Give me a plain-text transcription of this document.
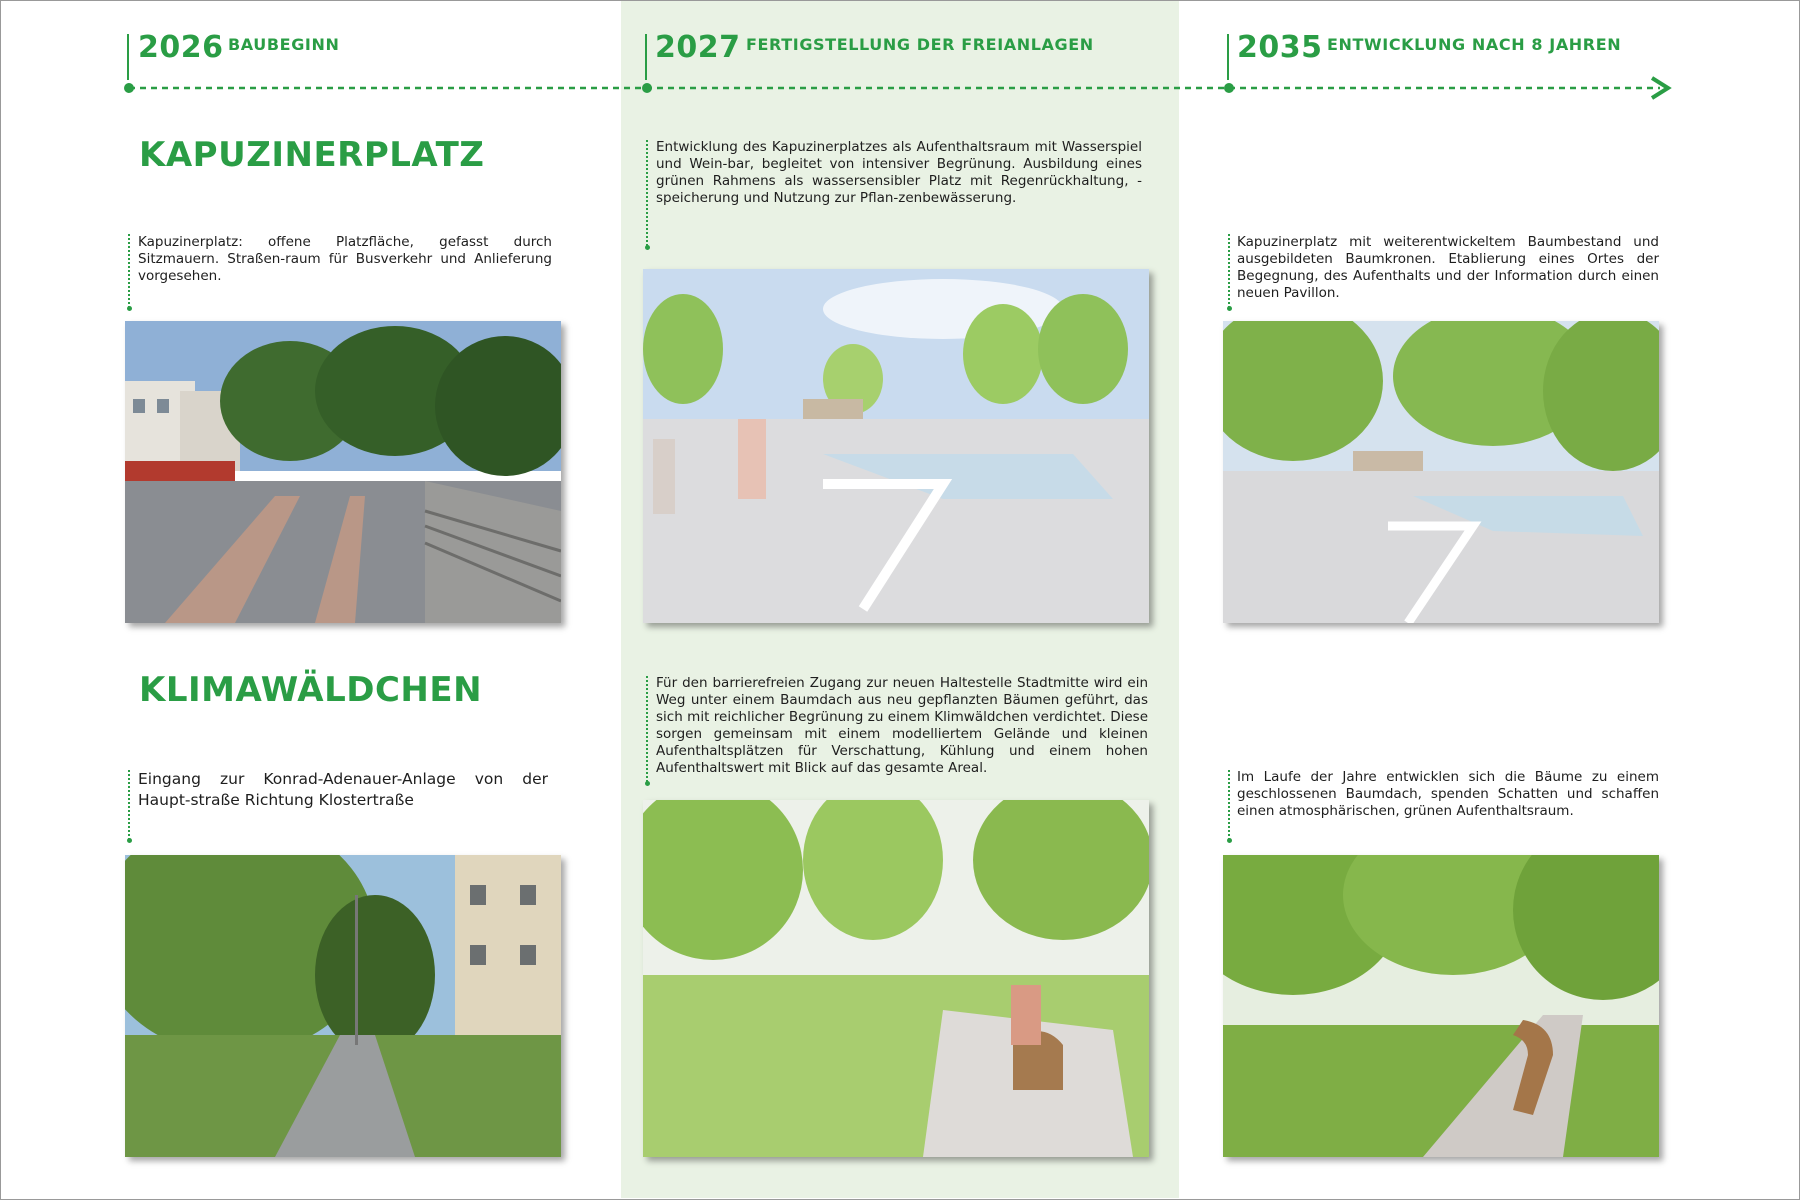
2026 BAUBEGINN	2027 FERTIGSTELLUNG DER FREIANLAGEN	2035 ENTWICKLUNG NACH 8 JAHREN
KAPUZINERPLATZ
KLIMAWÄLDCHEN
Kapuzinerplatz: offene Platzfläche, gefasst durch Sitzmauern. Straßen-raum für Busverkehr und Anlieferung vorgesehen.
Entwicklung des Kapuzinerplatzes als Aufenthaltsraum mit Wasserspiel und Wein-bar, begleitet von intensiver Begrünung. Ausbildung eines grünen Rahmens als wassersensibler Platz mit Regenrückhaltung, -speicherung und Nutzung zur Pflan-zenbewässerung.
Kapuzinerplatz mit weiterentwickeltem Baumbestand und ausgebildeten Baumkronen. Etablierung eines Ortes der Begegnung, des Aufenthalts und der Information durch einen neuen Pavillon.
Eingang zur Konrad-Adenauer-Anlage von der Haupt-straße Richtung Klostertraße
Für den barrierefreien Zugang zur neuen Haltestelle Stadtmitte wird ein Weg unter einem Baumdach aus neu gepflanzten Bäumen geführt, das sich mit reichlicher Begrünung zu einem Klimwäldchen verdichtet. Diese sorgen gemeinsam mit einem modelliertem Gelände und kleinen Aufenthaltsplätzen für Verschattung, Kühlung und einem hohen Aufenthaltswert mit Blick auf das gesamte Areal.
Im Laufe der Jahre entwicklen sich die Bäume zu einem geschlossenen Baumdach, spenden Schatten und schaffen einen atmosphärischen, grünen Aufenthaltsraum.
